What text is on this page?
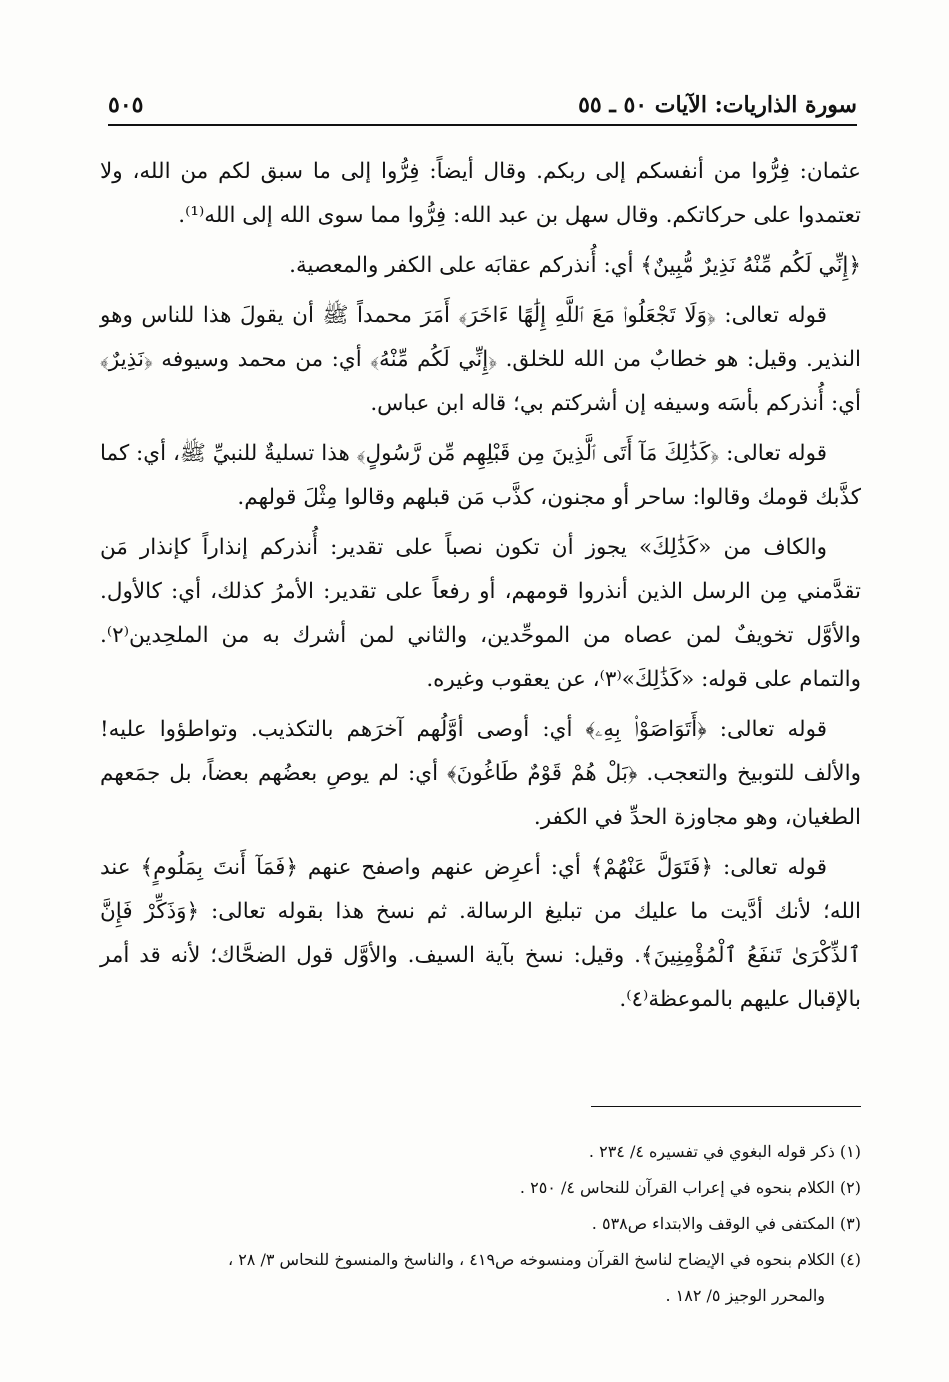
٥٠٥	سورة الذاريات: الآيات ٥٠ ـ ٥٥

عثمان: فِرُّوا من أنفسكم إلى ربكم. وقال أيضاً: فِرُّوا إلى ما سبق لكم من الله، ولا تعتمدوا على حركاتكم. وقال سهل بن عبد الله: فِرُّوا مما سوى الله إلى الله⁽¹⁾.

﴿إِنِّي لَكُم مِّنْهُ نَذِيرٌ مُّبِينٌ﴾ أي: أُنذركم عقابَه على الكفر والمعصية.

قوله تعالى: ﴿وَلَا تَجْعَلُوا۟ مَعَ ٱللَّهِ إِلَٰهًا ءَاخَرَ﴾ أَمَرَ محمداً ﷺ أن يقولَ هذا للناس وهو النذير. وقيل: هو خطابٌ من الله للخلق. ﴿إِنِّي لَكُم مِّنْهُ﴾ أي: من محمد وسيوفه ﴿نَذِيرٌ﴾ أي: أُنذركم بأسَه وسيفه إن أشركتم بي؛ قاله ابن عباس.

قوله تعالى: ﴿كَذَٰلِكَ مَآ أَتَى ٱلَّذِينَ مِن قَبْلِهِم مِّن رَّسُولٍ﴾ هذا تسليةٌ للنبيِّ ﷺ، أي: كما كذَّبك قومك وقالوا: ساحر أو مجنون، كذَّب مَن قبلهم وقالوا مِثْلَ قولهم.

والكاف من «كَذَٰلِكَ» يجوز أن تكون نصباً على تقدير: أُنذركم إنذاراً كإنذار مَن تقدَّمني مِن الرسل الذين أنذروا قومهم، أو رفعاً على تقدير: الأمرُ كذلك، أي: كالأول. والأوَّل تخويفٌ لمن عصاه من الموحِّدين، والثاني لمن أشرك به من الملحِدين⁽٢⁾. والتمام على قوله: «كَذَٰلِكَ»⁽٣⁾، عن يعقوب وغيره.

قوله تعالى: ﴿أَتَوَاصَوْا۟ بِهِۦ﴾ أي: أوصى أوَّلُهم آخرَهم بالتكذيب. وتواطؤوا عليه! والألف للتوبيخ والتعجب. ﴿بَلْ هُمْ قَوْمٌ طَاغُونَ﴾ أي: لم يوصِ بعضُهم بعضاً، بل جمَعهم الطغيان، وهو مجاوزة الحدِّ في الكفر.

قوله تعالى: ﴿فَتَوَلَّ عَنْهُمْ﴾ أي: أعرِض عنهم واصفح عنهم ﴿فَمَآ أَنتَ بِمَلُومٍ﴾ عند الله؛ لأنك أدَّيت ما عليك من تبليغ الرسالة. ثم نسخ هذا بقوله تعالى: ﴿وَذَكِّرْ فَإِنَّ ٱلذِّكْرَىٰ تَنفَعُ ٱلْمُؤْمِنِينَ﴾. وقيل: نسخ بآية السيف. والأوَّل قول الضحَّاك؛ لأنه قد أمر بالإقبال عليهم بالموعظة⁽٤⁾.

(١) ذكر قوله البغوي في تفسيره ٤/ ٢٣٤ .

(٢) الكلام بنحوه في إعراب القرآن للنحاس ٤/ ٢٥٠ .

(٣) المكتفى في الوقف والابتداء ص٥٣٨ .

(٤) الكلام بنحوه في الإيضاح لناسخ القرآن ومنسوخه ص٤١٩ ، والناسخ والمنسوخ للنحاس ٣/ ٢٨ ،

والمحرر الوجيز ٥/ ١٨٢ .
